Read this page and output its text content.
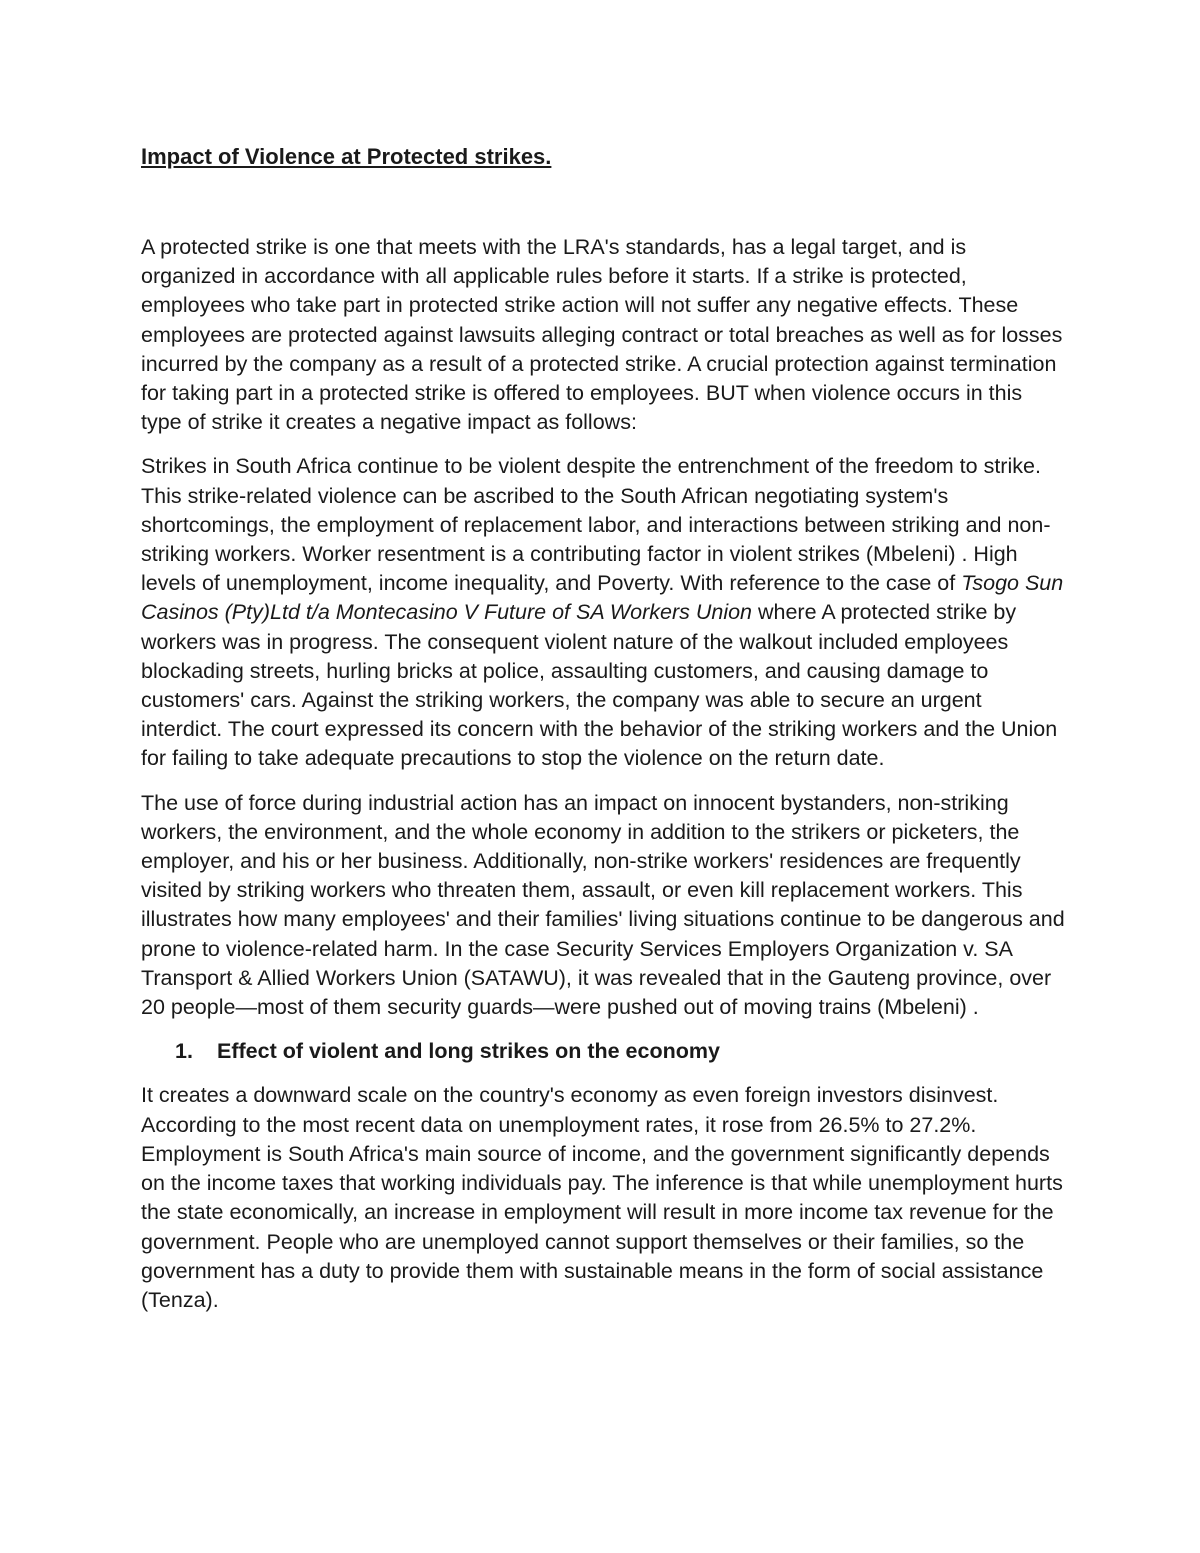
Impact of Violence at Protected strikes.

A protected strike is one that meets with the LRA's standards, has a legal target, and is organized in accordance with all applicable rules before it starts. If a strike is protected, employees who take part in protected strike action will not suffer any negative effects. These employees are protected against lawsuits alleging contract or total breaches as well as for losses incurred by the company as a result of a protected strike. A crucial protection against termination for taking part in a protected strike is offered to employees. BUT when violence occurs in this type of strike it creates a negative impact as follows:

Strikes in South Africa continue to be violent despite the entrenchment of the freedom to strike. This strike-related violence can be ascribed to the South African negotiating system's shortcomings, the employment of replacement labor, and interactions between striking and non-striking workers. Worker resentment is a contributing factor in violent strikes (Mbeleni) . High levels of unemployment, income inequality, and Poverty. With reference to the case of Tsogo Sun Casinos (Pty)Ltd t/a Montecasino V Future of SA Workers Union where A protected strike by workers was in progress. The consequent violent nature of the walkout included employees blockading streets, hurling bricks at police, assaulting customers, and causing damage to customers' cars. Against the striking workers, the company was able to secure an urgent interdict. The court expressed its concern with the behavior of the striking workers and the Union for failing to take adequate precautions to stop the violence on the return date.

The use of force during industrial action has an impact on innocent bystanders, non-striking workers, the environment, and the whole economy in addition to the strikers or picketers, the employer, and his or her business. Additionally, non-strike workers' residences are frequently visited by striking workers who threaten them, assault, or even kill replacement workers. This illustrates how many employees' and their families' living situations continue to be dangerous and prone to violence-related harm. In the case Security Services Employers Organization v. SA Transport & Allied Workers Union (SATAWU), it was revealed that in the Gauteng province, over 20 people—most of them security guards—were pushed out of moving trains (Mbeleni) .

1. Effect of violent and long strikes on the economy

It creates a downward scale on the country's economy as even foreign investors disinvest. According to the most recent data on unemployment rates, it rose from 26.5% to 27.2%. Employment is South Africa's main source of income, and the government significantly depends on the income taxes that working individuals pay. The inference is that while unemployment hurts the state economically, an increase in employment will result in more income tax revenue for the government. People who are unemployed cannot support themselves or their families, so the government has a duty to provide them with sustainable means in the form of social assistance (Tenza).
